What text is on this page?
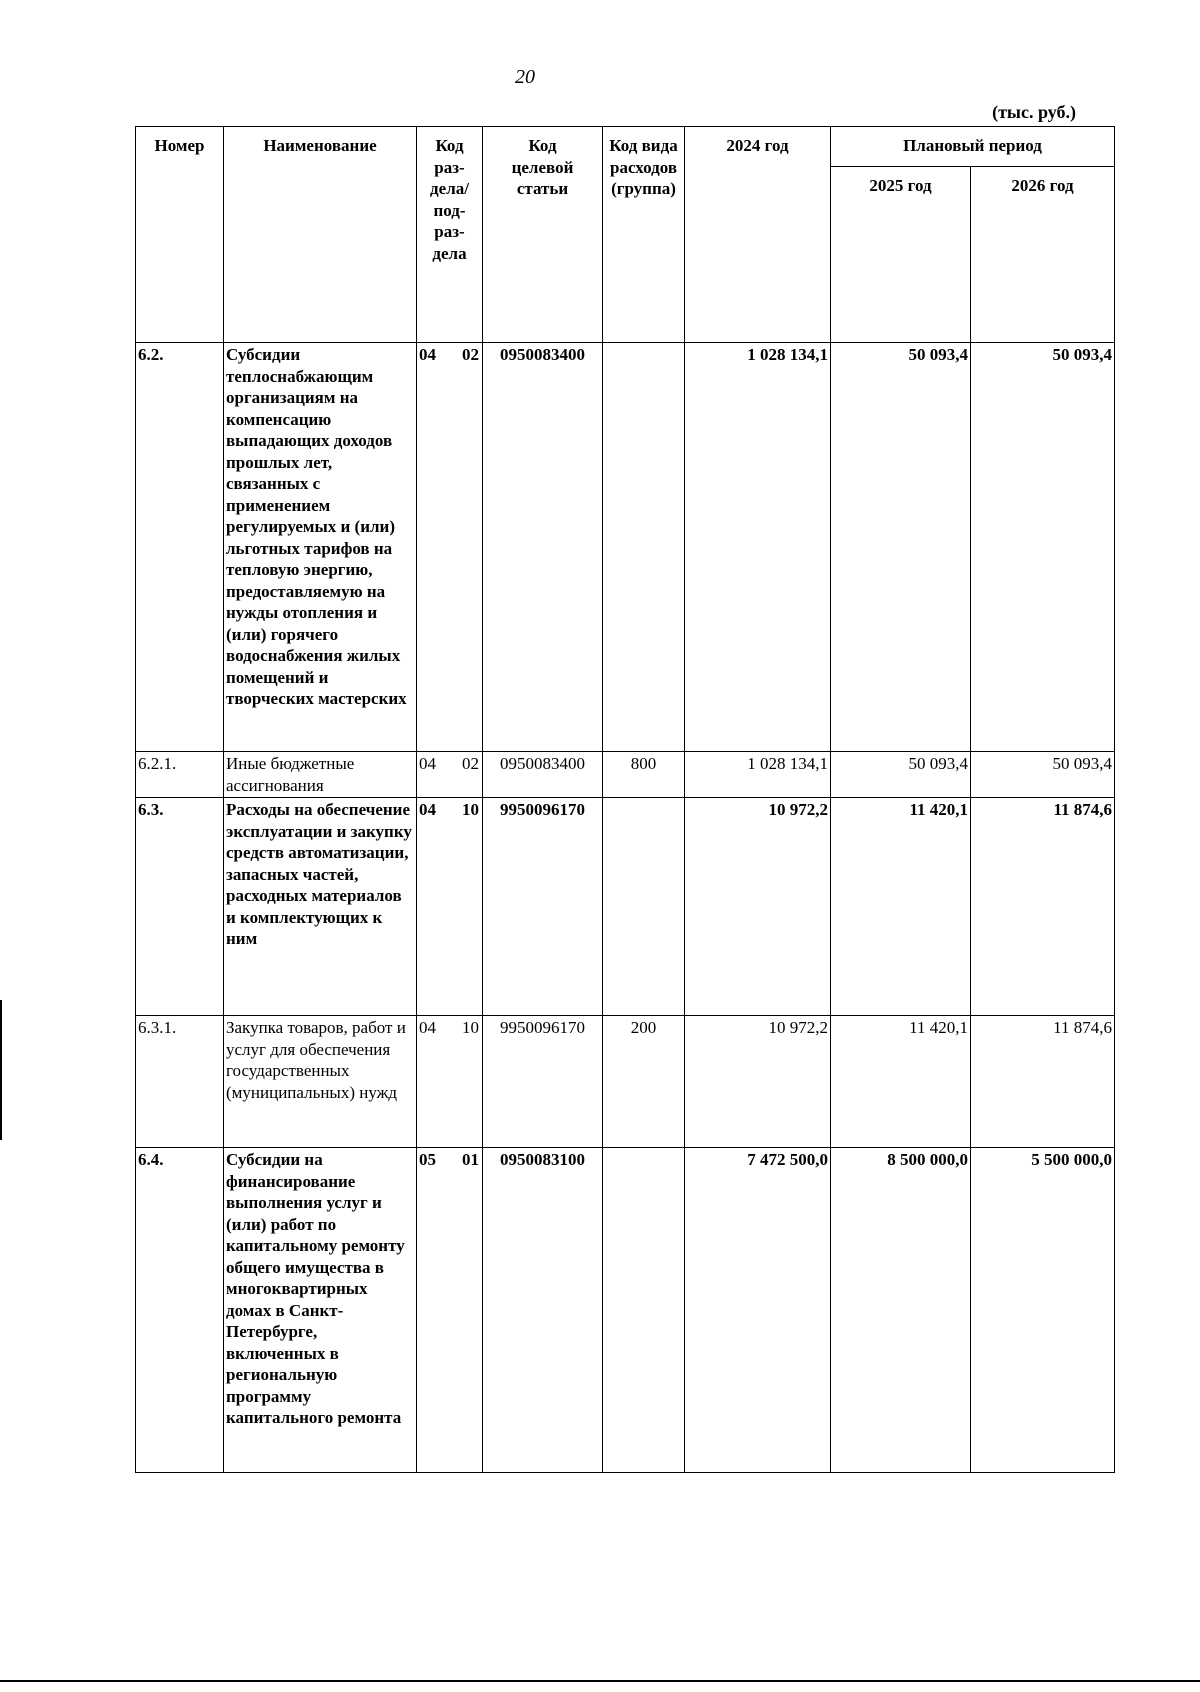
20
(тыс. руб.)
Номер	Наименование	Код раз-дела/ под-раз-дела	Код целевой статьи	Код вида расходов (группа)	2024 год	Плановый период	
						2025 год	2026 год
6.2.	Субсидии теплоснабжающим организациям на компенсацию выпадающих доходов прошлых лет, связанных с применением регулируемых и (или) льготных тарифов на тепловую энергию, предоставляемую на нужды отопления и (или) горячего водоснабжения жилых помещений и творческих мастерских	04 02	0950083400		1 028 134,1	50 093,4	50 093,4
6.2.1.	Иные бюджетные ассигнования	04 02	0950083400	800	1 028 134,1	50 093,4	50 093,4
6.3.	Расходы на обеспечение эксплуатации и закупку средств автоматизации, запасных частей, расходных материалов и комплектующих к ним	04 10	9950096170		10 972,2	11 420,1	11 874,6
6.3.1.	Закупка товаров, работ и услуг для обеспечения государственных (муниципальных) нужд	04 10	9950096170	200	10 972,2	11 420,1	11 874,6
6.4.	Субсидии на финансирование выполнения услуг и (или) работ по капитальному ремонту общего имущества в многоквартирных домах в Санкт-Петербурге, включенных в региональную программу капитального ремонта	05 01	0950083100		7 472 500,0	8 500 000,0	5 500 000,0
